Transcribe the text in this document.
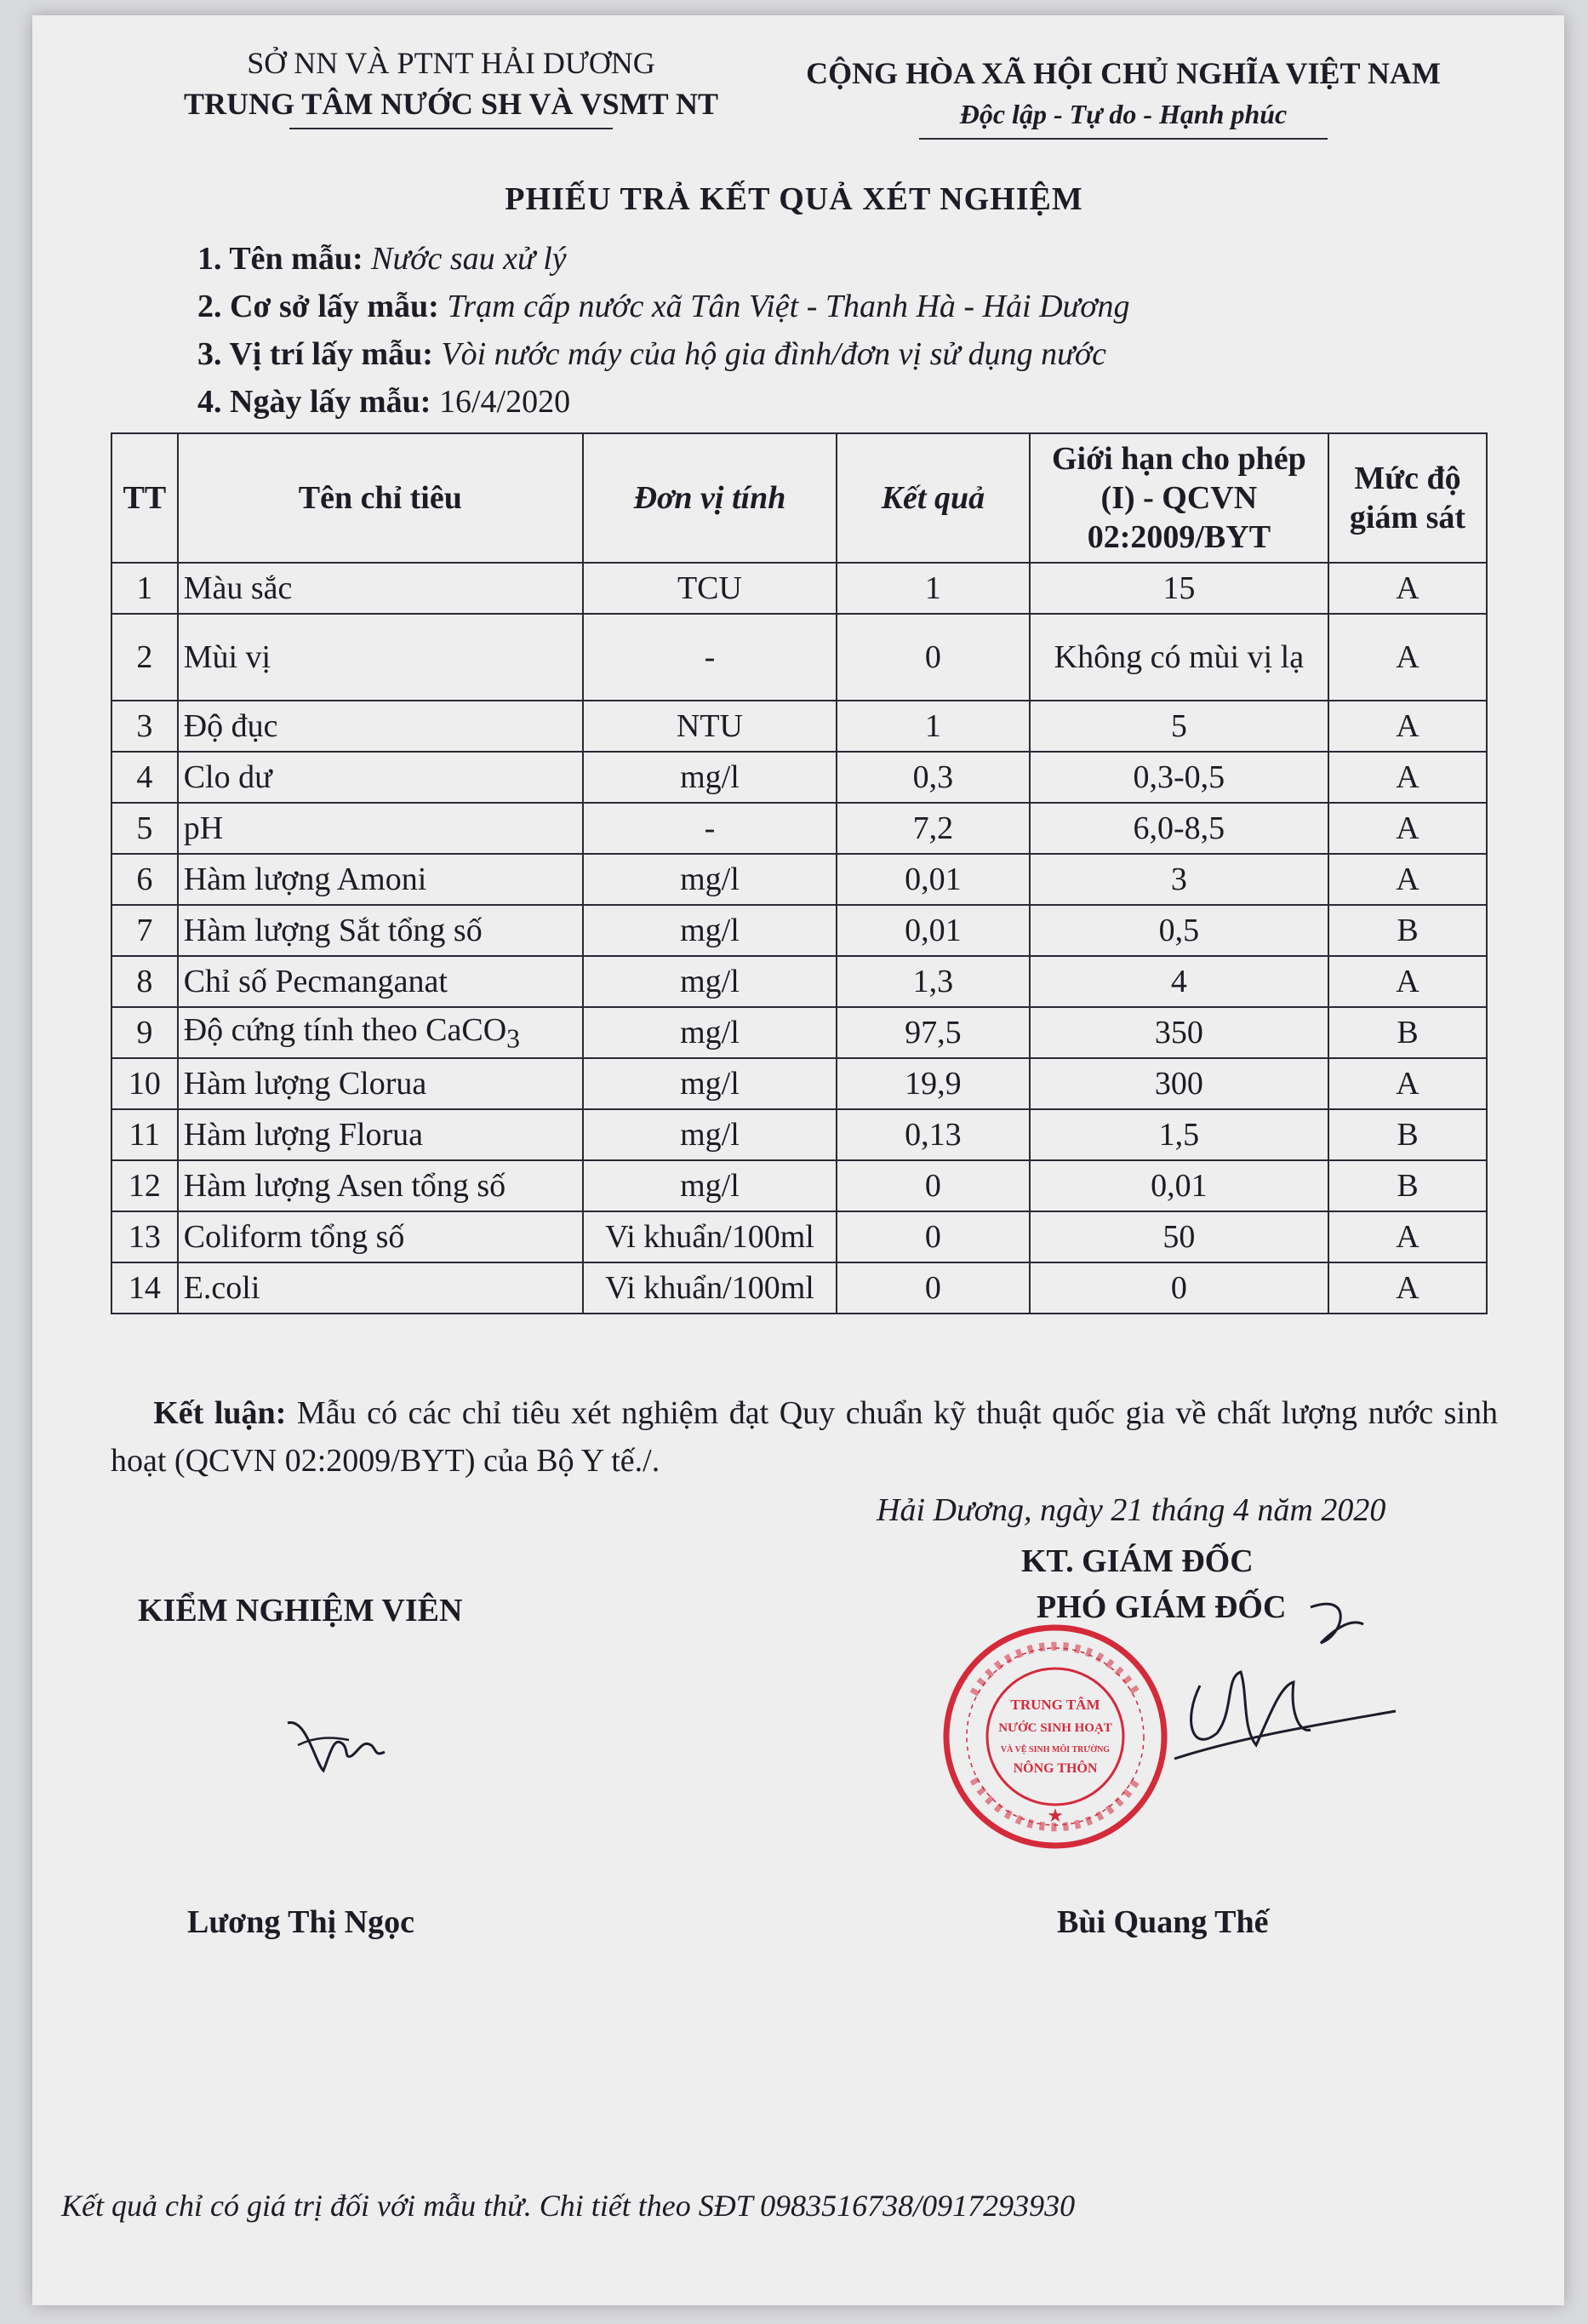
SỞ NN VÀ PTNT HẢI DƯƠNG
TRUNG TÂM NƯỚC SH VÀ VSMT NT
CỘNG HÒA XÃ HỘI CHỦ NGHĨA VIỆT NAM
Độc lập - Tự do - Hạnh phúc
PHIẾU TRẢ KẾT QUẢ XÉT NGHIỆM
1. Tên mẫu: Nước sau xử lý
2. Cơ sở lấy mẫu: Trạm cấp nước xã Tân Việt - Thanh Hà - Hải Dương
3. Vị trí lấy mẫu: Vòi nước máy của hộ gia đình/đơn vị sử dụng nước
4. Ngày lấy mẫu: 16/4/2020
TT	Tên chỉ tiêu	Đơn vị tính	Kết quả	Giới hạn cho phép (I) - QCVN 02:2009/BYT	Mức độ giám sát
1	Màu sắc	TCU	1	15	A
2	Mùi vị	-	0	Không có mùi vị lạ	A
3	Độ đục	NTU	1	5	A
4	Clo dư	mg/l	0,3	0,3-0,5	A
5	pH	-	7,2	6,0-8,5	A
6	Hàm lượng Amoni	mg/l	0,01	3	A
7	Hàm lượng Sắt tổng số	mg/l	0,01	0,5	B
8	Chỉ số Pecmanganat	mg/l	1,3	4	A
9	Độ cứng tính theo CaCO$_3$	mg/l	97,5	350	B
10	Hàm lượng Clorua	mg/l	19,9	300	A
11	Hàm lượng Florua	mg/l	0,13	1,5	B
12	Hàm lượng Asen tổng số	mg/l	0	0,01	B
13	Coliform tổng số	Vi khuẩn/100ml	0	50	A
14	E.coli	Vi khuẩn/100ml	0	0	A
Kết luận: Mẫu có các chỉ tiêu xét nghiệm đạt Quy chuẩn kỹ thuật quốc gia về chất lượng nước sinh hoạt (QCVN 02:2009/BYT) của Bộ Y tế./.
Hải Dương, ngày 21 tháng 4 năm 2020
KT. GIÁM ĐỐC
PHÓ GIÁM ĐỐC
KIỂM NGHIỆM VIÊN
TRUNG TÂM
NƯỚC SINH HOẠT
VÀ VỆ SINH MÔI TRƯỜNG
NÔNG THÔN
★
Lương Thị Ngọc	Bùi Quang Thế
Kết quả chỉ có giá trị đối với mẫu thử. Chi tiết theo SĐT 0983516738/0917293930
